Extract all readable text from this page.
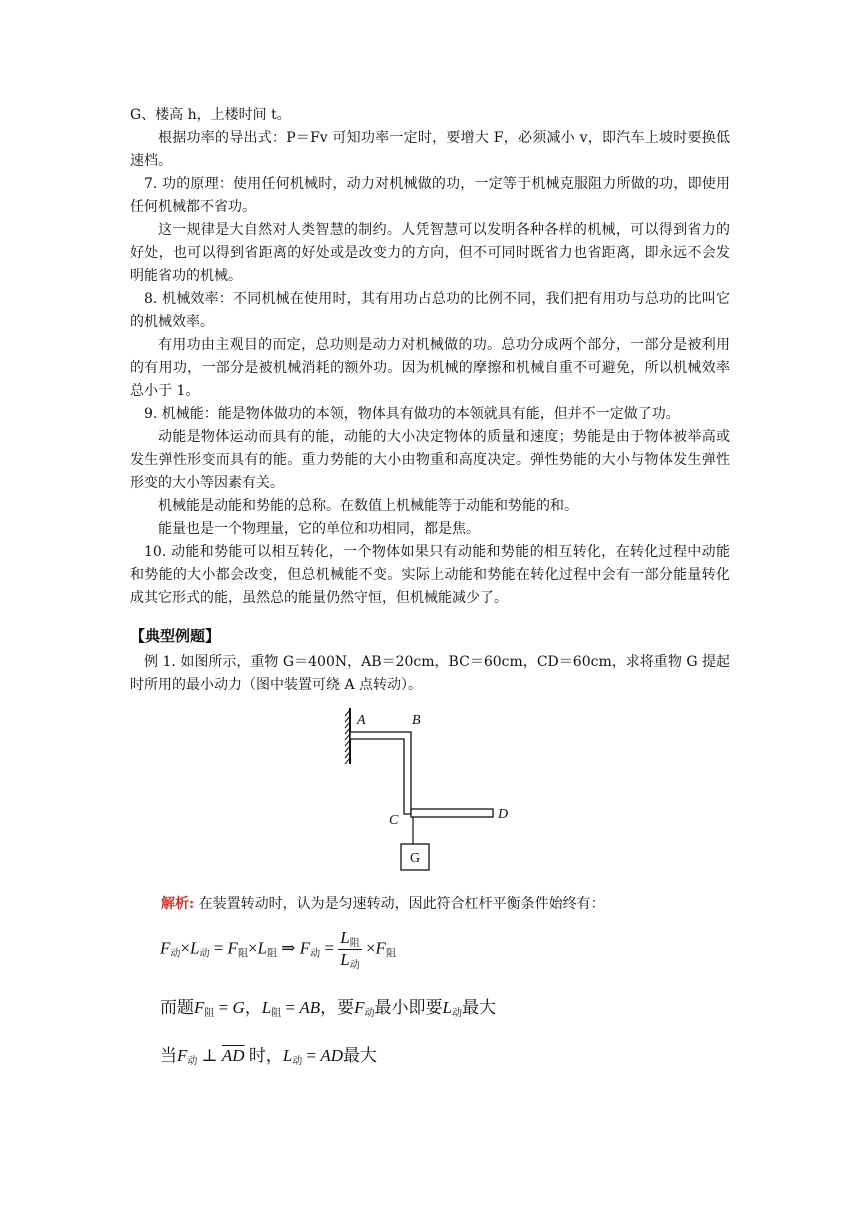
G、楼高 h，上楼时间 t。

根据功率的导出式：P＝Fv 可知功率一定时，要增大 F，必须减小 v，即汽车上坡时要换低速档。

7. 功的原理：使用任何机械时，动力对机械做的功，一定等于机械克服阻力所做的功，即使用任何机械都不省功。

这一规律是大自然对人类智慧的制约。人凭智慧可以发明各种各样的机械，可以得到省力的好处，也可以得到省距离的好处或是改变力的方向，但不可同时既省力也省距离，即永远不会发明能省功的机械。

8. 机械效率：不同机械在使用时，其有用功占总功的比例不同，我们把有用功与总功的比叫它的机械效率。

有用功由主观目的而定，总功则是动力对机械做的功。总功分成两个部分，一部分是被利用的有用功，一部分是被机械消耗的额外功。因为机械的摩擦和机械自重不可避免，所以机械效率总小于 1。

9. 机械能：能是物体做功的本领，物体具有做功的本领就具有能，但并不一定做了功。

动能是物体运动而具有的能，动能的大小决定物体的质量和速度；势能是由于物体被举高或发生弹性形变而具有的能。重力势能的大小由物重和高度决定。弹性势能的大小与物体发生弹性形变的大小等因素有关。

机械能是动能和势能的总称。在数值上机械能等于动能和势能的和。

能量也是一个物理量，它的单位和功相同，都是焦。

10. 动能和势能可以相互转化，一个物体如果只有动能和势能的相互转化，在转化过程中动能和势能的大小都会改变，但总机械能不变。实际上动能和势能在转化过程中会有一部分能量转化成其它形式的能，虽然总的能量仍然守恒，但机械能减少了。

【典型例题】

例 1. 如图所示，重物 G＝400N，AB＝20cm，BC＝60cm，CD＝60cm，求将重物 G 提起时所用的最小动力（图中装置可绕 A 点转动）。

G
A	B
C	D
解析: 在装置转动时，认为是匀速转动，因此符合杠杆平衡条件始终有：
$F_动\times L_动 = F_阻\times L_阻$ ⇒ $F_动 = \frac{L_阻}{L_动} \times F_阻$
而题$F_阻 = G$，$L_阻$ = AB，要$F_动$最小即要$L_动$最大
当$F_动$ ⊥ $\overline{AD}$ 时，$L_动$ = AD最大
